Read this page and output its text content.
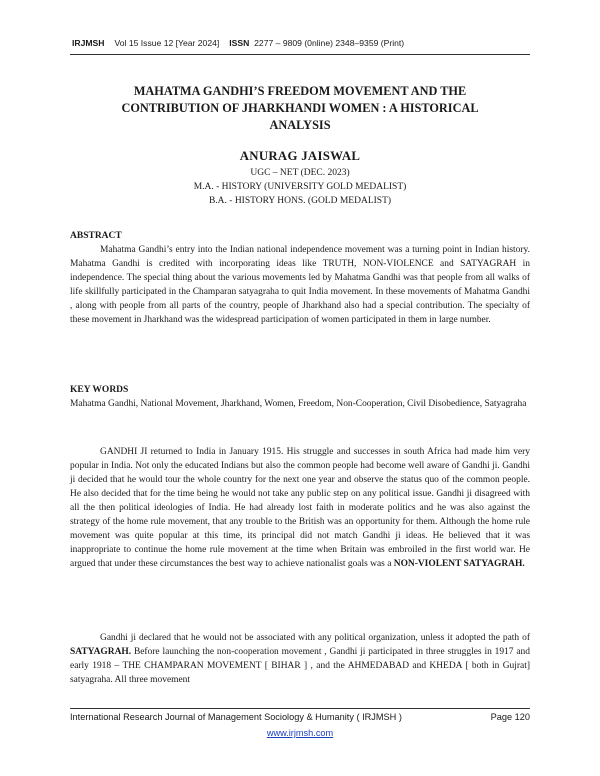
IRJMSH Vol 15 Issue 12 [Year 2024] ISSN 2277 – 9809 (0nline) 2348–9359 (Print)
MAHATMA GANDHI’S FREEDOM MOVEMENT AND THE
CONTRIBUTION OF JHARKHANDI WOMEN : A HISTORICAL
ANALYSIS
ANURAG JAISWAL
UGC – NET (DEC. 2023)
M.A. - HISTORY (UNIVERSITY GOLD MEDALIST)
B.A. - HISTORY HONS. (GOLD MEDALIST)

ABSTRACT

Mahatma Gandhi’s entry into the Indian national independence movement was a turning point in Indian history. Mahatma Gandhi is credited with incorporating ideas like TRUTH, NON-VIOLENCE and SATYAGRAH in independence. The special thing about the various movements led by Mahatma Gandhi was that people from all walks of life skillfully participated in the Champaran satyagraha to quit India movement. In these movements of Mahatma Gandhi , along with people from all parts of the country, people of Jharkhand also had a special contribution. The specialty of these movement in Jharkhand was the widespread participation of women participated in them in large number.

KEY WORDS

Mahatma Gandhi, National Movement, Jharkhand, Women, Freedom, Non-Cooperation, Civil Disobedience, Satyagraha

GANDHI JI returned to India in January 1915. His struggle and successes in south Africa had made him very popular in India. Not only the educated Indians but also the common people had become well aware of Gandhi ji. Gandhi ji decided that he would tour the whole country for the next one year and observe the status quo of the common people. He also decided that for the time being he would not take any public step on any political issue. Gandhi ji disagreed with all the then political ideologies of India. He had already lost faith in moderate politics and he was also against the strategy of the home rule movement, that any trouble to the British was an opportunity for them. Although the home rule movement was quite popular at this time, its principal did not match Gandhi ji ideas. He believed that it was inappropriate to continue the home rule movement at the time when Britain was embroiled in the first world war. He argued that under these circumstances the best way to achieve nationalist goals was a NON-VIOLENT SATYAGRAH.

Gandhi ji declared that he would not be associated with any political organization, unless it adopted the path of SATYAGRAH. Before launching the non-cooperation movement , Gandhi ji participated in three struggles in 1917 and early 1918 – THE CHAMPARAN MOVEMENT [ BIHAR ] , and the AHMEDABAD and KHEDA [ both in Gujrat] satyagraha. All three movement

International Research Journal of Management Sociology & Humanity ( IRJMSH )	Page 120
www.irjmsh.com
